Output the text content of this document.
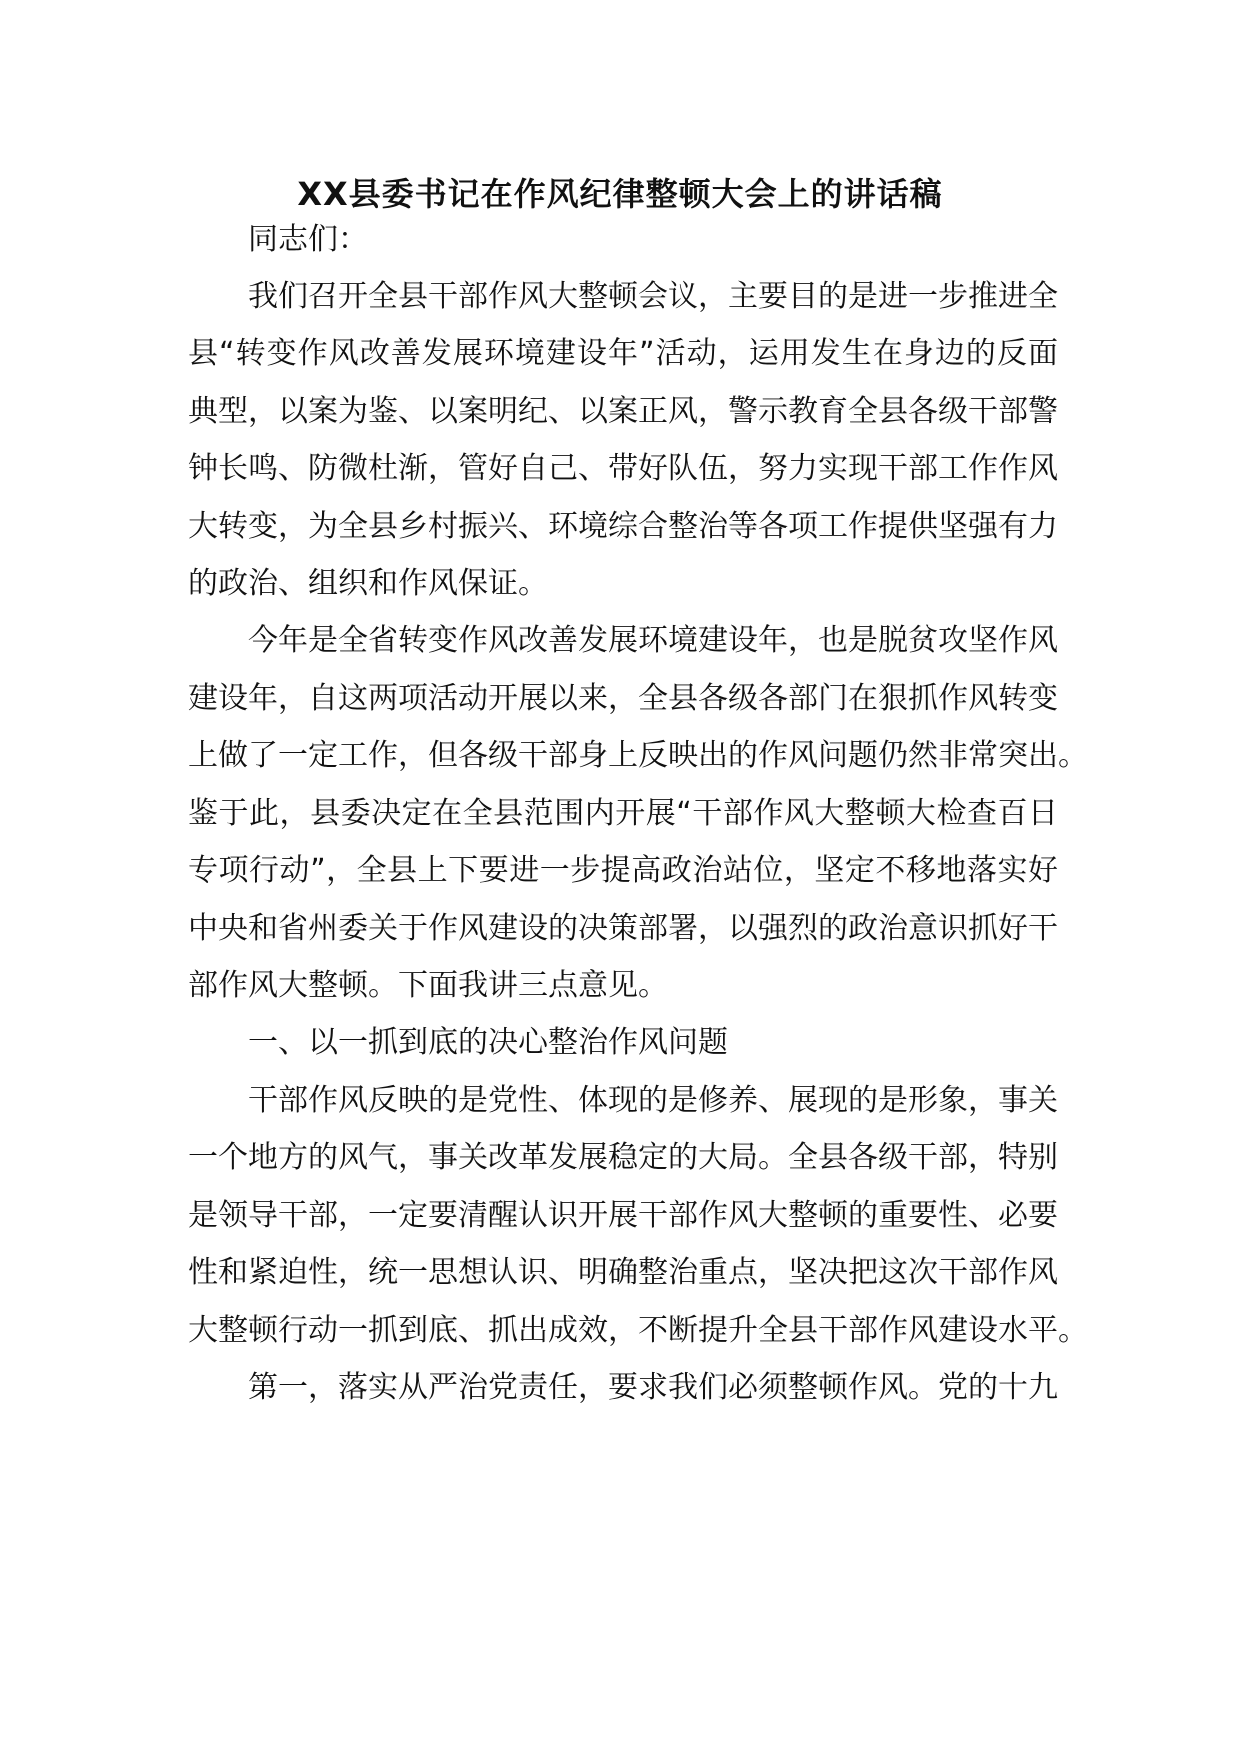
XX县委书记在作风纪律整顿大会上的讲话稿

同志们：

我们召开全县干部作风大整顿会议，主要目的是进一步推进全

县“转变作风改善发展环境建设年”活动，运用发生在身边的反面

典型，以案为鉴、以案明纪、以案正风，警示教育全县各级干部警

钟长鸣、防微杜渐，管好自己、带好队伍，努力实现干部工作作风

大转变，为全县乡村振兴、环境综合整治等各项工作提供坚强有力

的政治、组织和作风保证。

今年是全省转变作风改善发展环境建设年，也是脱贫攻坚作风

建设年，自这两项活动开展以来，全县各级各部门在狠抓作风转变

上做了一定工作，但各级干部身上反映出的作风问题仍然非常突出。

鉴于此，县委决定在全县范围内开展“干部作风大整顿大检查百日

专项行动”，全县上下要进一步提高政治站位，坚定不移地落实好

中央和省州委关于作风建设的决策部署，以强烈的政治意识抓好干

部作风大整顿。下面我讲三点意见。

一、以一抓到底的决心整治作风问题

干部作风反映的是党性、体现的是修养、展现的是形象，事关

一个地方的风气，事关改革发展稳定的大局。全县各级干部，特别

是领导干部，一定要清醒认识开展干部作风大整顿的重要性、必要

性和紧迫性，统一思想认识、明确整治重点，坚决把这次干部作风

大整顿行动一抓到底、抓出成效，不断提升全县干部作风建设水平。

第一，落实从严治党责任，要求我们必须整顿作风。党的十九
